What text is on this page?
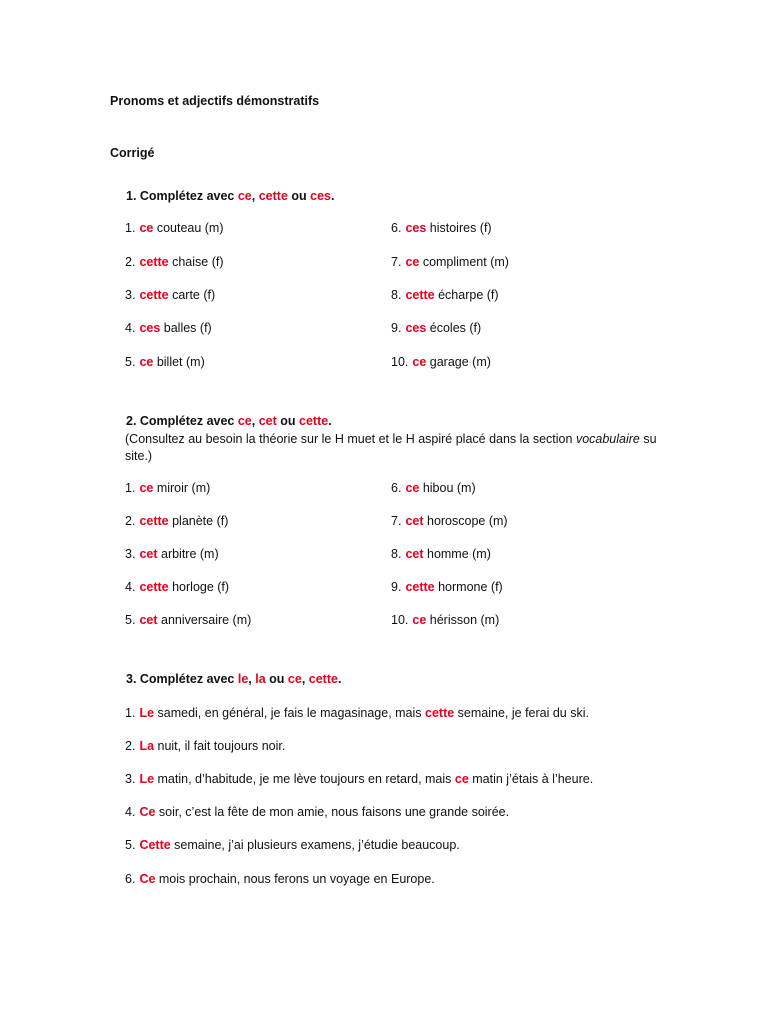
Pronoms et adjectifs démonstratifs
Corrigé
1. Complétez avec ce, cette ou ces.
1. ce couteau (m)
2. cette chaise (f)
3. cette carte (f)
4. ces balles (f)
5. ce billet (m)
6. ces histoires (f)
7. ce compliment (m)
8. cette écharpe (f)
9. ces écoles (f)
10. ce garage (m)
2. Complétez avec ce, cet ou cette.
(Consultez au besoin la théorie sur le H muet et le H aspiré placé dans la section vocabulaire su site.)
1. ce miroir (m)
2. cette planète (f)
3. cet arbitre (m)
4. cette horloge (f)
5. cet anniversaire (m)
6. ce hibou (m)
7. cet horoscope (m)
8. cet homme (m)
9. cette hormone (f)
10. ce hérisson (m)
3. Complétez avec le, la ou ce, cette.
1. Le samedi, en général, je fais le magasinage, mais cette semaine, je ferai du ski.
2. La nuit, il fait toujours noir.
3. Le matin, d’habitude, je me lève toujours en retard, mais ce matin j’étais à l’heure.
4. Ce soir, c’est la fête de mon amie, nous faisons une grande soirée.
5. Cette semaine, j’ai plusieurs examens, j’étudie beaucoup.
6. Ce mois prochain, nous ferons un voyage en Europe.
